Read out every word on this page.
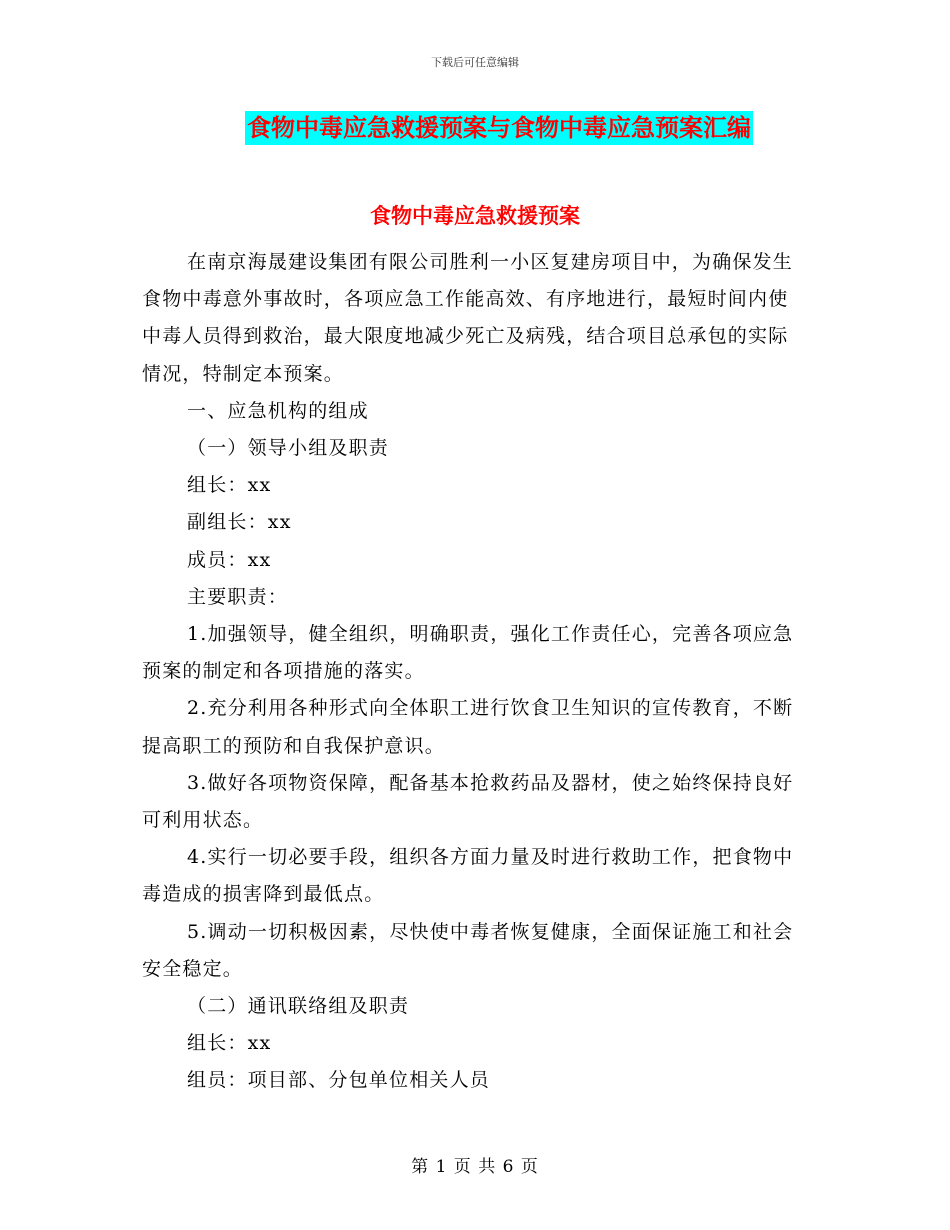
下载后可任意编辑
食物中毒应急救援预案与食物中毒应急预案汇编
食物中毒应急救援预案

在南京海晟建设集团有限公司胜利一小区复建房项目中，为确保发生食物中毒意外事故时，各项应急工作能高效、有序地进行，最短时间内使中毒人员得到救治，最大限度地减少死亡及病残，结合项目总承包的实际情况，特制定本预案。

一、应急机构的组成

（一）领导小组及职责

组长：xx

副组长：xx

成员：xx

主要职责：

1.加强领导，健全组织，明确职责，强化工作责任心，完善各项应急预案的制定和各项措施的落实。

2.充分利用各种形式向全体职工进行饮食卫生知识的宣传教育，不断提高职工的预防和自我保护意识。

3.做好各项物资保障，配备基本抢救药品及器材，使之始终保持良好可利用状态。

4.实行一切必要手段，组织各方面力量及时进行救助工作，把食物中毒造成的损害降到最低点。

5.调动一切积极因素，尽快使中毒者恢复健康，全面保证施工和社会安全稳定。

（二）通讯联络组及职责

组长：xx

组员：项目部、分包单位相关人员

第 1 页 共 6 页
